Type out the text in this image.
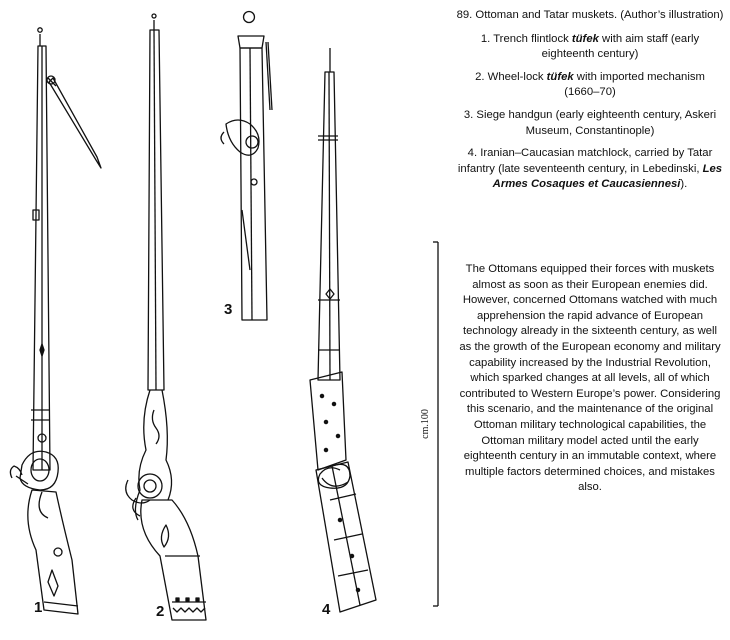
1	2
3
4
cm.100

89. Ottoman and Tatar muskets. (Author’s illustration)

1. Trench flintlock tüfek with aim staff (early eighteenth century)

2. Wheel-lock tüfek with imported mechanism (1660–70)

3. Siege handgun (early eighteenth century, Askeri Museum, Constantinople)

4. Iranian–Caucasian matchlock, carried by Tatar infantry (late seventeenth century, in Lebedinski, Les Armes Cosaques et Caucasiennesi).

The Ottomans equipped their forces with muskets almost as soon as their European enemies did. However, concerned Ottomans watched with much apprehension the rapid advance of European technology already in the sixteenth century, as well as the growth of the European economy and military capability increased by the Industrial Revolution, which sparked changes at all levels, all of which contributed to Western Europe’s power. Considering this scenario, and the maintenance of the original Ottoman military technological capabilities, the Ottoman military model acted until the early eighteenth century in an immutable context, where multiple factors determined choices, and mistakes also.
